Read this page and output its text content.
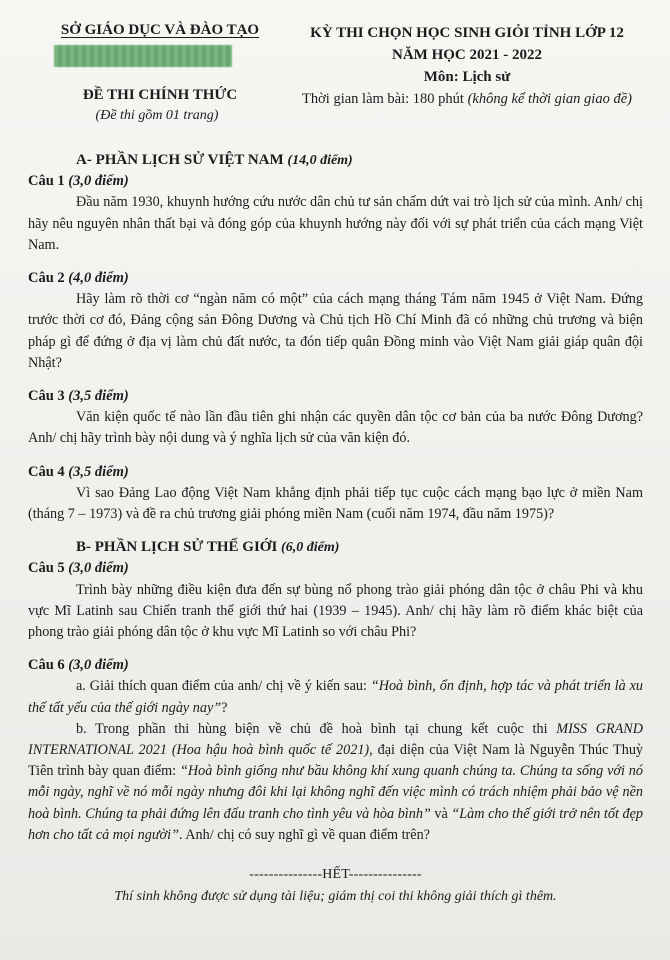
SỞ GIÁO DỤC VÀ ĐÀO TẠO
ĐỀ THI CHÍNH THỨC
(Đề thi gồm 01 trang)
KỲ THI CHỌN HỌC SINH GIỎI TỈNH LỚP 12
NĂM HỌC 2021 - 2022
Môn: Lịch sử
Thời gian làm bài: 180 phút (không kể thời gian giao đề)
A- PHẦN LỊCH SỬ VIỆT NAM (14,0 điểm)
Câu 1 (3,0 điểm)

Đầu năm 1930, khuynh hướng cứu nước dân chủ tư sản chấm dứt vai trò lịch sử của mình. Anh/ chị hãy nêu nguyên nhân thất bại và đóng góp của khuynh hướng này đối với sự phát triển của cách mạng Việt Nam.

Câu 2 (4,0 điểm)

Hãy làm rõ thời cơ “ngàn năm có một” của cách mạng tháng Tám năm 1945 ở Việt Nam. Đứng trước thời cơ đó, Đảng cộng sản Đông Dương và Chủ tịch Hồ Chí Minh đã có những chủ trương và biện pháp gì để đứng ở địa vị làm chủ đất nước, ta đón tiếp quân Đồng minh vào Việt Nam giải giáp quân đội Nhật?

Câu 3 (3,5 điểm)

Văn kiện quốc tế nào lần đầu tiên ghi nhận các quyền dân tộc cơ bản của ba nước Đông Dương? Anh/ chị hãy trình bày nội dung và ý nghĩa lịch sử của văn kiện đó.

Câu 4 (3,5 điểm)

Vì sao Đảng Lao động Việt Nam khẳng định phải tiếp tục cuộc cách mạng bạo lực ở miền Nam (tháng 7 – 1973) và đề ra chủ trương giải phóng miền Nam (cuối năm 1974, đầu năm 1975)?

B- PHẦN LỊCH SỬ THẾ GIỚI (6,0 điểm)
Câu 5 (3,0 điểm)

Trình bày những điều kiện đưa đến sự bùng nổ phong trào giải phóng dân tộc ở châu Phi và khu vực Mĩ Latinh sau Chiến tranh thế giới thứ hai (1939 – 1945). Anh/ chị hãy làm rõ điểm khác biệt của phong trào giải phóng dân tộc ở khu vực Mĩ Latinh so với châu Phi?

Câu 6 (3,0 điểm)

a. Giải thích quan điểm của anh/ chị về ý kiến sau: “Hoà bình, ổn định, hợp tác và phát triển là xu thế tất yếu của thế giới ngày nay”?

b. Trong phần thi hùng biện về chủ đề hoà bình tại chung kết cuộc thi MISS GRAND INTERNATIONAL 2021 (Hoa hậu hoà bình quốc tế 2021), đại diện của Việt Nam là Nguyễn Thúc Thuỳ Tiên trình bày quan điểm: “Hoà bình giống như bầu không khí xung quanh chúng ta. Chúng ta sống với nó mỗi ngày, nghĩ về nó mỗi ngày nhưng đôi khi lại không nghĩ đến việc mình có trách nhiệm phải bảo vệ nền hoà bình. Chúng ta phải đứng lên đấu tranh cho tình yêu và hòa bình” và “Làm cho thế giới trở nên tốt đẹp hơn cho tất cả mọi người”. Anh/ chị có suy nghĩ gì về quan điểm trên?

---------------HẾT---------------
Thí sinh không được sử dụng tài liệu; giám thị coi thi không giải thích gì thêm.
